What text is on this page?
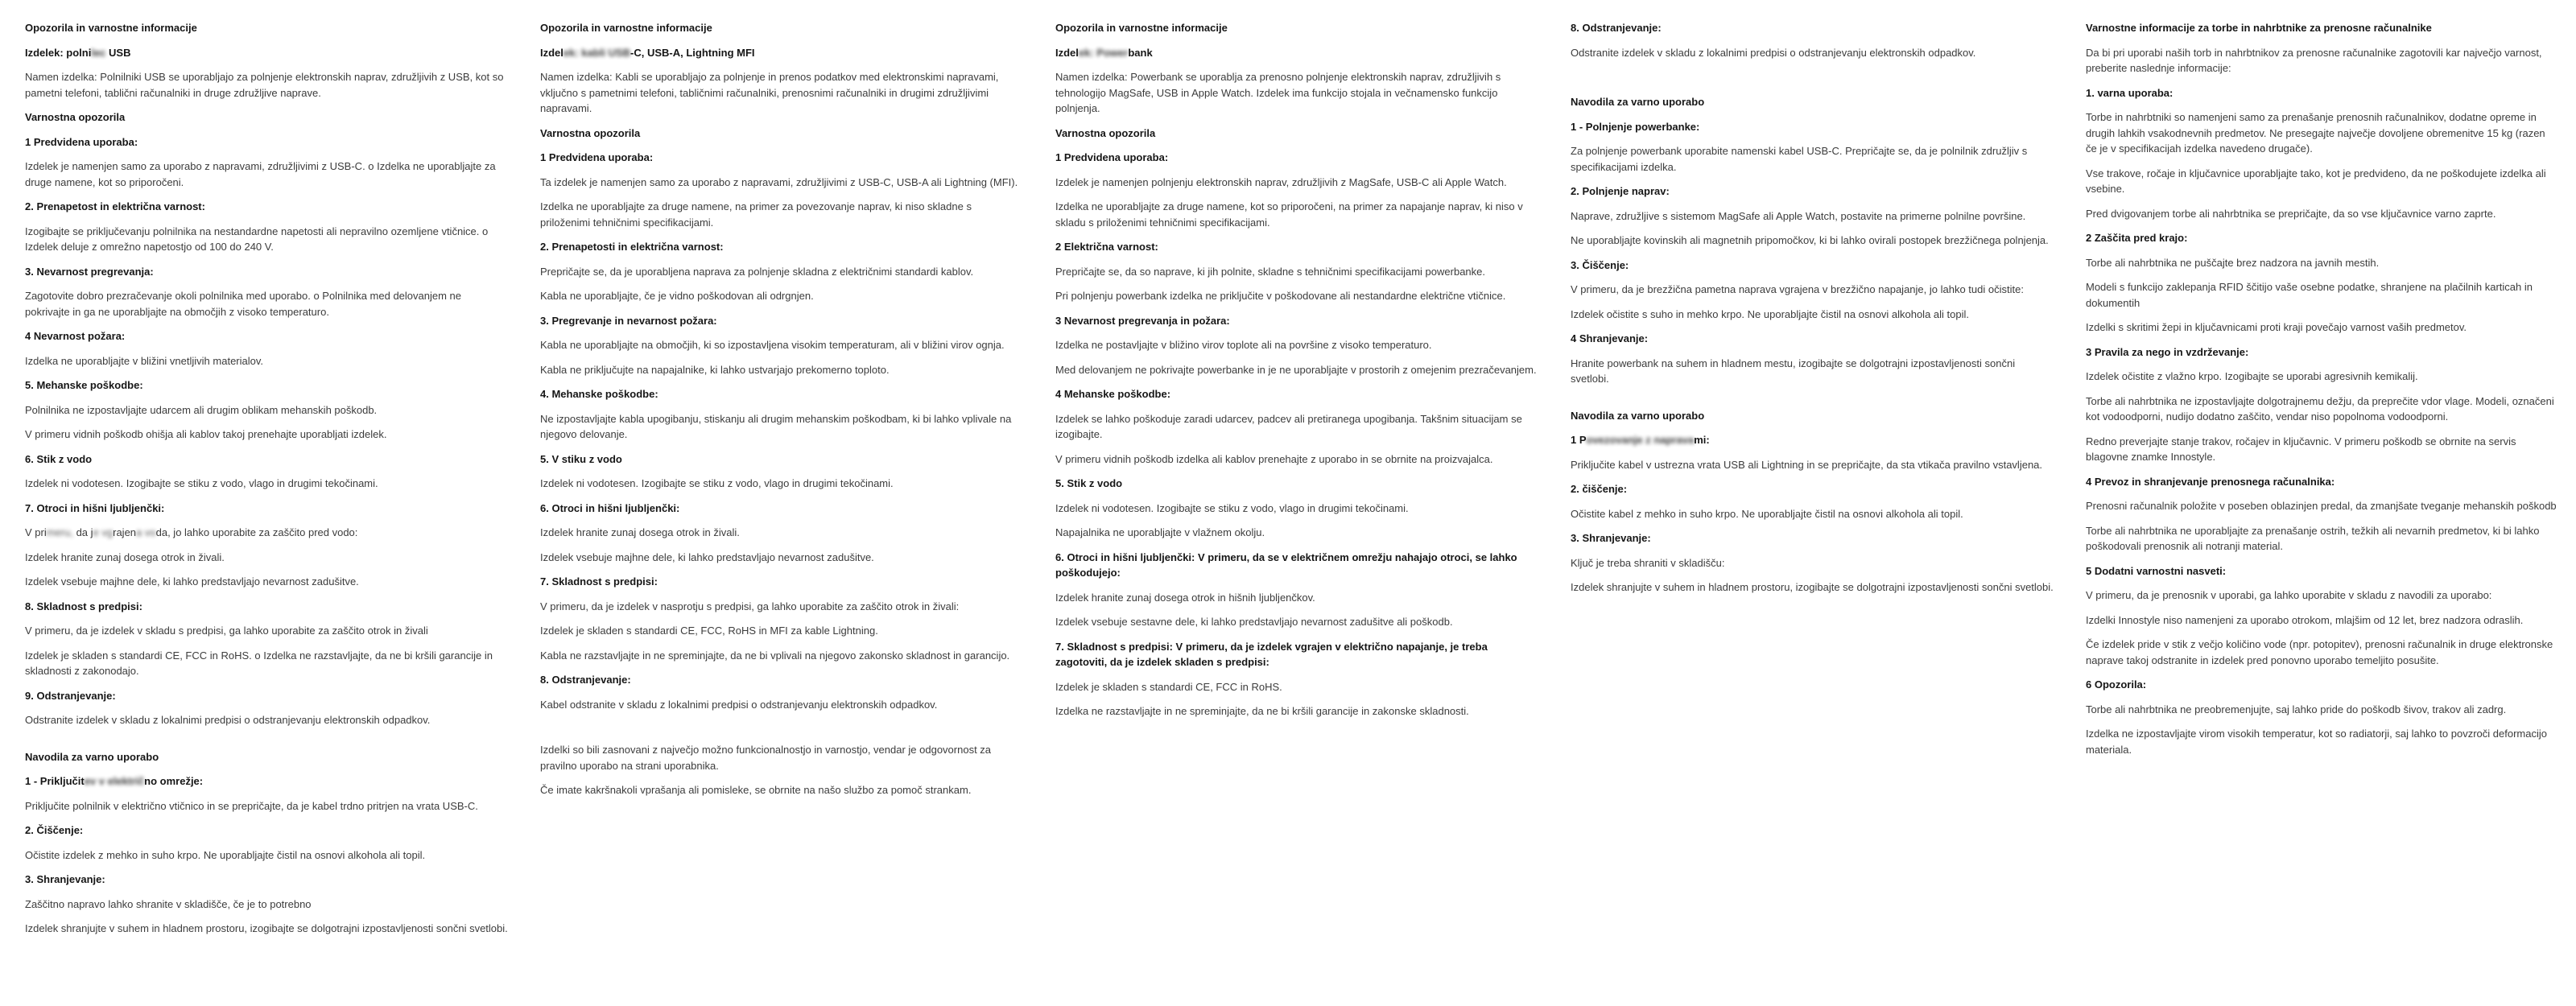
Opozorila in varnostne informacije
Izdelek: polnilec USB
Namen izdelka: Polnilniki USB se uporabljajo za polnjenje elektronskih naprav, združljivih z USB, kot so pametni telefoni, tablični računalniki in druge združljive naprave.
Varnostna opozorila
1 Predvidena uporaba:
Izdelek je namenjen samo za uporabo z napravami, združljivimi z USB-C. o Izdelka ne uporabljajte za druge namene, kot so priporočeni.
2. Prenapetost in električna varnost:
Izogibajte se priključevanju polnilnika na nestandardne napetosti ali nepravilno ozemljene vtičnice. o Izdelek deluje z omrežno napetostjo od 100 do 240 V.
3. Nevarnost pregrevanja:
Zagotovite dobro prezračevanje okoli polnilnika med uporabo. o Polnilnika med delovanjem ne pokrivajte in ga ne uporabljajte na območjih z visoko temperaturo.
4 Nevarnost požara:
Izdelka ne uporabljajte v bližini vnetljivih materialov.
5. Mehanske poškodbe:
Polnilnika ne izpostavljajte udarcem ali drugim oblikam mehanskih poškodb.
V primeru vidnih poškodb ohišja ali kablov takoj prenehajte uporabljati izdelek.
6. Stik z vodo
Izdelek ni vodotesen. Izogibajte se stiku z vodo, vlago in drugimi tekočinami.
7. Otroci in hišni ljubljenčki:
V primeru, da je vgrajena voda, jo lahko uporabite za zaščito pred vodo:
Izdelek hranite zunaj dosega otrok in živali.
Izdelek vsebuje majhne dele, ki lahko predstavljajo nevarnost zadušitve.
8. Skladnost s predpisi:
V primeru, da je izdelek v skladu s predpisi, ga lahko uporabite za zaščito otrok in živali
Izdelek je skladen s standardi CE, FCC in RoHS. o Izdelka ne razstavljajte, da ne bi kršili garancije in skladnosti z zakonodajo.
9. Odstranjevanje:
Odstranite izdelek v skladu z lokalnimi predpisi o odstranjevanju elektronskih odpadkov.
Navodila za varno uporabo
1 - Priključitev v električno omrežje:
Priključite polnilnik v električno vtičnico in se prepričajte, da je kabel trdno pritrjen na vrata USB-C.
2. Čiščenje:
Očistite izdelek z mehko in suho krpo. Ne uporabljajte čistil na osnovi alkohola ali topil.
3. Shranjevanje:
Zaščitno napravo lahko shranite v skladišče, če je to potrebno
Izdelek shranjujte v suhem in hladnem prostoru, izogibajte se dolgotrajni izpostavljenosti sončni svetlobi.
Opozorila in varnostne informacije
Izdelek: kabli USB-C, USB-A, Lightning MFI
Namen izdelka: Kabli se uporabljajo za polnjenje in prenos podatkov med elektronskimi napravami, vključno s pametnimi telefoni, tabličnimi računalniki, prenosnimi računalniki in drugimi združljivimi napravami.
Varnostna opozorila
1 Predvidena uporaba:
Ta izdelek je namenjen samo za uporabo z napravami, združljivimi z USB-C, USB-A ali Lightning (MFI).
Izdelka ne uporabljajte za druge namene, na primer za povezovanje naprav, ki niso skladne s priloženimi tehničnimi specifikacijami.
2. Prenapetosti in električna varnost:
Prepričajte se, da je uporabljena naprava za polnjenje skladna z električnimi standardi kablov.
Kabla ne uporabljajte, če je vidno poškodovan ali odrgnjen.
3. Pregrevanje in nevarnost požara:
Kabla ne uporabljajte na območjih, ki so izpostavljena visokim temperaturam, ali v bližini virov ognja.
Kabla ne priključujte na napajalnike, ki lahko ustvarjajo prekomerno toploto.
4. Mehanske poškodbe:
Ne izpostavljajte kabla upogibanju, stiskanju ali drugim mehanskim poškodbam, ki bi lahko vplivale na njegovo delovanje.
5. V stiku z vodo
Izdelek ni vodotesen. Izogibajte se stiku z vodo, vlago in drugimi tekočinami.
6. Otroci in hišni ljubljenčki:
Izdelek hranite zunaj dosega otrok in živali.
Izdelek vsebuje majhne dele, ki lahko predstavljajo nevarnost zadušitve.
7. Skladnost s predpisi:
V primeru, da je izdelek v nasprotju s predpisi, ga lahko uporabite za zaščito otrok in živali:
Izdelek je skladen s standardi CE, FCC, RoHS in MFI za kable Lightning.
Kabla ne razstavljajte in ne spreminjajte, da ne bi vplivali na njegovo zakonsko skladnost in garancijo.
8. Odstranjevanje:
Kabel odstranite v skladu z lokalnimi predpisi o odstranjevanju elektronskih odpadkov.
Izdelki so bili zasnovani z največjo možno funkcionalnostjo in varnostjo, vendar je odgovornost za pravilno uporabo na strani uporabnika.
Če imate kakršnakoli vprašanja ali pomisleke, se obrnite na našo službo za pomoč strankam.
Opozorila in varnostne informacije
Izdelek: Powerbank
Namen izdelka: Powerbank se uporablja za prenosno polnjenje elektronskih naprav, združljivih s tehnologijo MagSafe, USB in Apple Watch. Izdelek ima funkcijo stojala in večnamensko funkcijo polnjenja.
Varnostna opozorila
1 Predvidena uporaba:
Izdelek je namenjen polnjenju elektronskih naprav, združljivih z MagSafe, USB-C ali Apple Watch.
Izdelka ne uporabljajte za druge namene, kot so priporočeni, na primer za napajanje naprav, ki niso v skladu s priloženimi tehničnimi specifikacijami.
2 Električna varnost:
Prepričajte se, da so naprave, ki jih polnite, skladne s tehničnimi specifikacijami powerbanke.
Pri polnjenju powerbank izdelka ne priključite v poškodovane ali nestandardne električne vtičnice.
3 Nevarnost pregrevanja in požara:
Izdelka ne postavljajte v bližino virov toplote ali na površine z visoko temperaturo.
Med delovanjem ne pokrivajte powerbanke in je ne uporabljajte v prostorih z omejenim prezračevanjem.
4 Mehanske poškodbe:
Izdelek se lahko poškoduje zaradi udarcev, padcev ali pretiranega upogibanja. Takšnim situacijam se izogibajte.
V primeru vidnih poškodb izdelka ali kablov prenehajte z uporabo in se obrnite na proizvajalca.
5. Stik z vodo
Izdelek ni vodotesen. Izogibajte se stiku z vodo, vlago in drugimi tekočinami.
Napajalnika ne uporabljajte v vlažnem okolju.
6. Otroci in hišni ljubljenčki: V primeru, da se v električnem omrežju nahajajo otroci, se lahko poškodujejo:
Izdelek hranite zunaj dosega otrok in hišnih ljubljenčkov.
Izdelek vsebuje sestavne dele, ki lahko predstavljajo nevarnost zadušitve ali poškodb.
7. Skladnost s predpisi: V primeru, da je izdelek vgrajen v električno napajanje, je treba zagotoviti, da je izdelek skladen s predpisi:
Izdelek je skladen s standardi CE, FCC in RoHS.
Izdelka ne razstavljajte in ne spreminjajte, da ne bi kršili garancije in zakonske skladnosti.
8. Odstranjevanje:
Odstranite izdelek v skladu z lokalnimi predpisi o odstranjevanju elektronskih odpadkov.
Navodila za varno uporabo
1 - Polnjenje powerbanke:
Za polnjenje powerbank uporabite namenski kabel USB-C. Prepričajte se, da je polnilnik združljiv s specifikacijami izdelka.
2. Polnjenje naprav:
Naprave, združljive s sistemom MagSafe ali Apple Watch, postavite na primerne polnilne površine.
Ne uporabljajte kovinskih ali magnetnih pripomočkov, ki bi lahko ovirali postopek brezžičnega polnjenja.
3. Čiščenje:
V primeru, da je brezžična pametna naprava vgrajena v brezžično napajanje, jo lahko tudi očistite:
Izdelek očistite s suho in mehko krpo. Ne uporabljajte čistil na osnovi alkohola ali topil.
4 Shranjevanje:
Hranite powerbank na suhem in hladnem mestu, izogibajte se dolgotrajni izpostavljenosti sončni svetlobi.
Navodila za varno uporabo
1 Povezovanje z napravami:
Priključite kabel v ustrezna vrata USB ali Lightning in se prepričajte, da sta vtikača pravilno vstavljena.
2. čiščenje:
Očistite kabel z mehko in suho krpo. Ne uporabljajte čistil na osnovi alkohola ali topil.
3. Shranjevanje:
Ključ je treba shraniti v skladišču:
Izdelek shranjujte v suhem in hladnem prostoru, izogibajte se dolgotrajni izpostavljenosti sončni svetlobi.
Varnostne informacije za torbe in nahrbtnike za prenosne računalnike
Da bi pri uporabi naših torb in nahrbtnikov za prenosne računalnike zagotovili kar največjo varnost, preberite naslednje informacije:
1. varna uporaba:
Torbe in nahrbtniki so namenjeni samo za prenašanje prenosnih računalnikov, dodatne opreme in drugih lahkih vsakodnevnih predmetov. Ne presegajte največje dovoljene obremenitve 15 kg (razen če je v specifikacijah izdelka navedeno drugače).
Vse trakove, ročaje in ključavnice uporabljajte tako, kot je predvideno, da ne poškodujete izdelka ali vsebine.
Pred dvigovanjem torbe ali nahrbtnika se prepričajte, da so vse ključavnice varno zaprte.
2 Zaščita pred krajo:
Torbe ali nahrbtnika ne puščajte brez nadzora na javnih mestih.
Modeli s funkcijo zaklepanja RFID ščitijo vaše osebne podatke, shranjene na plačilnih karticah in dokumentih
Izdelki s skritimi žepi in ključavnicami proti kraji povečajo varnost vaših predmetov.
3 Pravila za nego in vzdrževanje:
Izdelek očistite z vlažno krpo. Izogibajte se uporabi agresivnih kemikalij.
Torbe ali nahrbtnika ne izpostavljajte dolgotrajnemu dežju, da preprečite vdor vlage. Modeli, označeni kot vodoodporni, nudijo dodatno zaščito, vendar niso popolnoma vodoodporni.
Redno preverjajte stanje trakov, ročajev in ključavnic. V primeru poškodb se obrnite na servis blagovne znamke Innostyle.
4 Prevoz in shranjevanje prenosnega računalnika:
Prenosni računalnik položite v poseben oblazinjen predal, da zmanjšate tveganje mehanskih poškodb
Torbe ali nahrbtnika ne uporabljajte za prenašanje ostrih, težkih ali nevarnih predmetov, ki bi lahko poškodovali prenosnik ali notranji material.
5 Dodatni varnostni nasveti:
V primeru, da je prenosnik v uporabi, ga lahko uporabite v skladu z navodili za uporabo:
Izdelki Innostyle niso namenjeni za uporabo otrokom, mlajšim od 12 let, brez nadzora odraslih.
Če izdelek pride v stik z večjo količino vode (npr. potopitev), prenosni računalnik in druge elektronske naprave takoj odstranite in izdelek pred ponovno uporabo temeljito posušite.
6 Opozorila:
Torbe ali nahrbtnika ne preobremenjujte, saj lahko pride do poškodb šivov, trakov ali zadrg.
Izdelka ne izpostavljajte virom visokih temperatur, kot so radiatorji, saj lahko to povzroči deformacijo materiala.
